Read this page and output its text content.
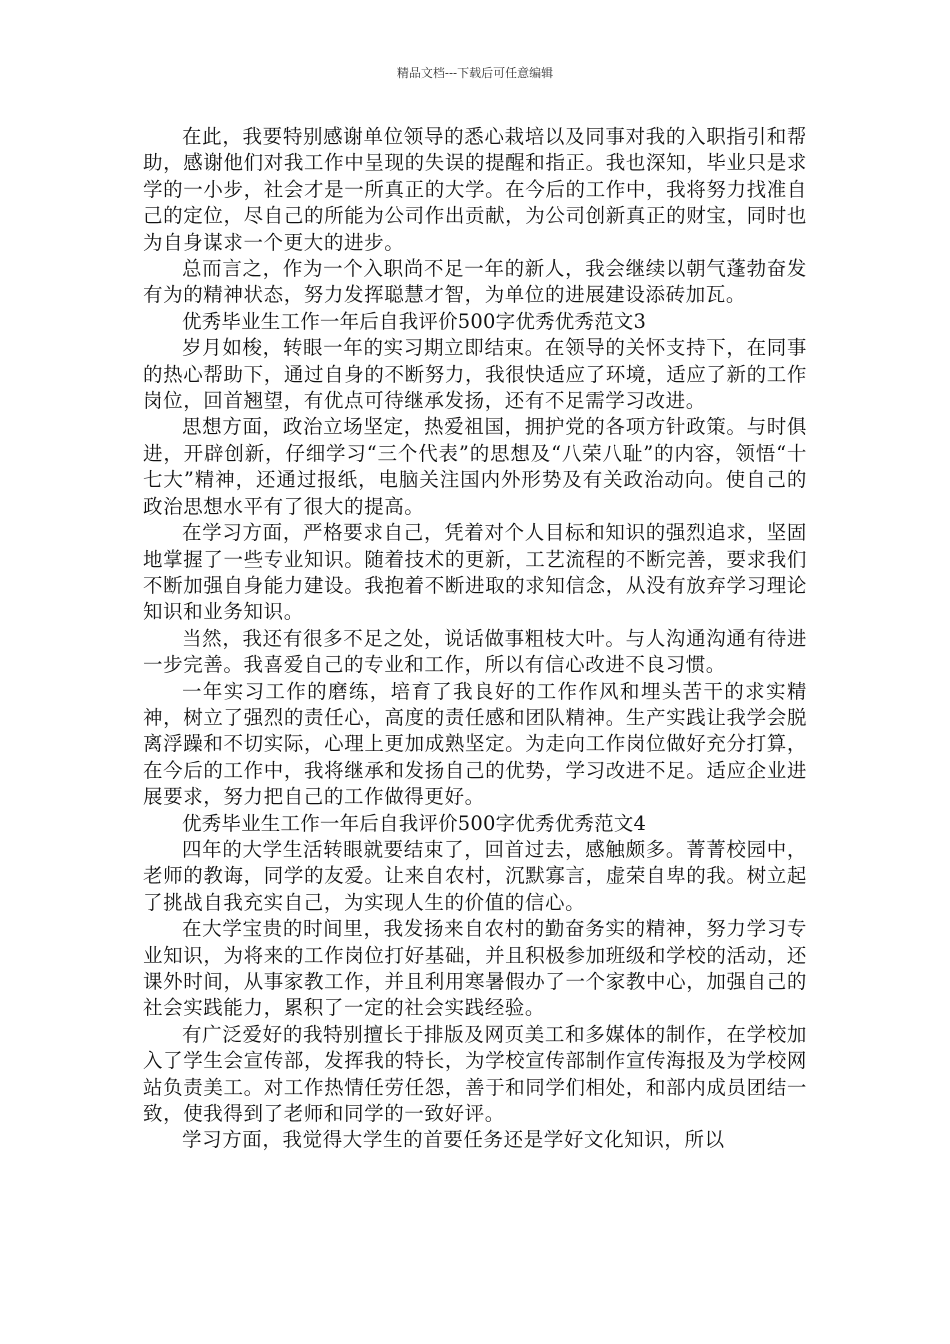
精品文档---下载后可任意编辑

在此，我要特别感谢单位领导的悉心栽培以及同事对我的入职指引和帮助，感谢他们对我工作中呈现的失误的提醒和指正。我也深知，毕业只是求学的一小步，社会才是一所真正的大学。在今后的工作中，我将努力找准自己的定位，尽自己的所能为公司作出贡献，为公司创新真正的财宝，同时也为自身谋求一个更大的进步。

总而言之，作为一个入职尚不足一年的新人，我会继续以朝气蓬勃奋发有为的精神状态，努力发挥聪慧才智，为单位的进展建设添砖加瓦。

优秀毕业生工作一年后自我评价500字优秀优秀范文3

岁月如梭，转眼一年的实习期立即结束。在领导的关怀支持下，在同事的热心帮助下，通过自身的不断努力，我很快适应了环境，适应了新的工作岗位，回首翘望，有优点可待继承发扬，还有不足需学习改进。

思想方面，政治立场坚定，热爱祖国，拥护党的各项方针政策。与时俱进，开辟创新，仔细学习“三个代表”的思想及“八荣八耻”的内容，领悟“十七大”精神，还通过报纸，电脑关注国内外形势及有关政治动向。使自己的政治思想水平有了很大的提高。

在学习方面，严格要求自己，凭着对个人目标和知识的强烈追求，坚固地掌握了一些专业知识。随着技术的更新，工艺流程的不断完善，要求我们不断加强自身能力建设。我抱着不断进取的求知信念，从没有放弃学习理论知识和业务知识。

当然，我还有很多不足之处，说话做事粗枝大叶。与人沟通沟通有待进一步完善。我喜爱自己的专业和工作，所以有信心改进不良习惯。

一年实习工作的磨练，培育了我良好的工作作风和埋头苦干的求实精神，树立了强烈的责任心，高度的责任感和团队精神。生产实践让我学会脱离浮躁和不切实际，心理上更加成熟坚定。为走向工作岗位做好充分打算，在今后的工作中，我将继承和发扬自己的优势，学习改进不足。适应企业进展要求，努力把自己的工作做得更好。

优秀毕业生工作一年后自我评价500字优秀优秀范文4

四年的大学生活转眼就要结束了，回首过去，感触颇多。菁菁校园中，老师的教诲，同学的友爱。让来自农村，沉默寡言，虚荣自卑的我。树立起了挑战自我充实自己，为实现人生的价值的信心。

在大学宝贵的时间里，我发扬来自农村的勤奋务实的精神，努力学习专业知识，为将来的工作岗位打好基础，并且积极参加班级和学校的活动，还课外时间，从事家教工作，并且利用寒暑假办了一个家教中心，加强自己的社会实践能力，累积了一定的社会实践经验。

有广泛爱好的我特别擅长于排版及网页美工和多媒体的制作，在学校加入了学生会宣传部，发挥我的特长，为学校宣传部制作宣传海报及为学校网站负责美工。对工作热情任劳任怨，善于和同学们相处，和部内成员团结一致，使我得到了老师和同学的一致好评。

学习方面，我觉得大学生的首要任务还是学好文化知识，所以
